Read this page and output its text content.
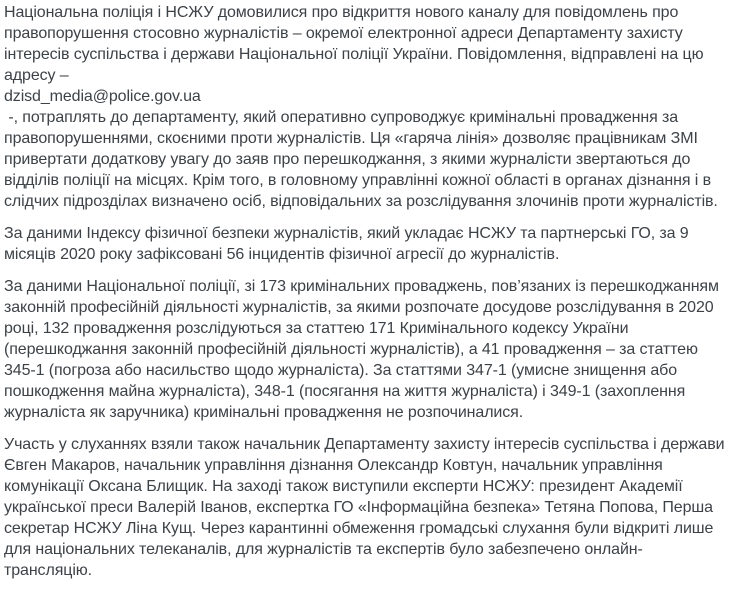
Національна поліція і НСЖУ домовилися про відкриття нового каналу для повідомлень про правопорушення стосовно журналістів – окремої електронної адреси Департаменту захисту інтересів суспільства і держави Національної поліції України. Повідомлення, відправлені на цю адресу –
dzisd_media@police.gov.ua
-, потраплять до департаменту, який оперативно супроводжує кримінальні провадження за правопорушеннями, скоєними проти журналістів. Ця «гаряча лінія» дозволяє працівникам ЗМІ привертати додаткову увагу до заяв про перешкоджання, з якими журналісти звертаються до відділів поліції на місцях. Крім того, в головному управлінні кожної області в органах дізнання і в слідчих підрозділах визначено осіб, відповідальних за розслідування злочинів проти журналістів.

За даними Індексу фізичної безпеки журналістів, який укладає НСЖУ та партнерські ГО, за 9 місяців 2020 року зафіксовані 56 інцидентів фізичної агресії до журналістів.

За даними Національної поліції, зі 173 кримінальних проваджень, пов’язаних із перешкоджанням законній професійній діяльності журналістів, за якими розпочате досудове розслідування в 2020 році, 132 провадження розслідуються за статтею 171 Кримінального кодексу України (перешкоджання законній професійній діяльності журналістів), а 41 провадження – за статтею 345-1 (погроза або насильство щодо журналіста). За статтями 347-1 (умисне знищення або пошкодження майна журналіста), 348-1 (посягання на життя журналіста) і 349-1 (захоплення журналіста як заручника) кримінальні провадження не розпочиналися.

Участь у слуханнях взяли також начальник Департаменту захисту інтересів суспільства і держави Євген Макаров, начальник управління дізнання Олександр Ковтун, начальник управління комунікації Оксана Блищик. На заході також виступили експерти НСЖУ: президент Академії української преси Валерій Іванов, експертка ГО «Інформаційна безпека» Тетяна Попова, Перша секретар НСЖУ Ліна Кущ. Через карантинні обмеження громадські слухання були відкриті лише для національних телеканалів, для журналістів та експертів було забезпечено онлайн-трансляцію.
